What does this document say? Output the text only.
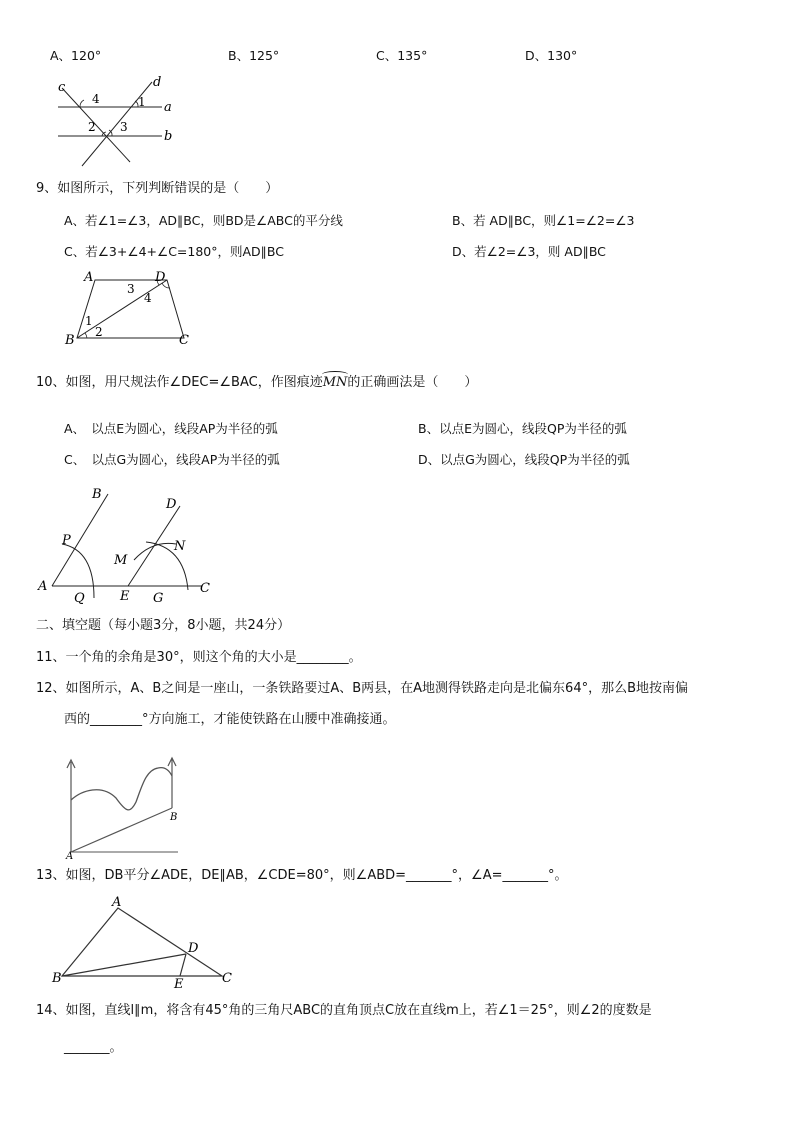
A、120°	B、125°	C、135°	D、130°
c	d
a
b
1
2 3
4
9、如图所示，下列判断错误的是（　　）
A、若∠1=∠3，AD∥BC，则BD是∠ABC的平分线	B、若 AD∥BC，则∠1=∠2=∠3
C、若∠3+∠4+∠C=180°，则AD∥BC	D、若∠2=∠3，则 AD∥BC
A	D
B	C
1
2
3
4
10、如图，用尺规法作∠DEC=∠BAC，作图痕迹MN的正确画法是（　　）
A、　以点E为圆心，线段AP为半径的弧	B、以点E为圆心，线段QP为半径的弧
C、　以点G为圆心，线段AP为半径的弧	D、以点G为圆心，线段QP为半径的弧
A
B
P
Q	E G
C
D
M
N
二、填空题（每小题3分，8小题，共24分）
11、一个角的余角是30°，则这个角的大小是________。
12、如图所示，A、B之间是一座山，一条铁路要过A、B两县，在A地测得铁路走向是北偏东64°，那么B地按南偏
西的________°方向施工，才能使铁路在山腰中准确接通。
A
B
13、如图，DB平分∠ADE，DE∥AB，∠CDE=80°，则∠ABD=_______°，∠A=_______°。
A
B	C
D
E
14、如图，直线l∥m，将含有45°角的三角尺ABC的直角顶点C放在直线m上，若∠1＝25°，则∠2的度数是
_______。
